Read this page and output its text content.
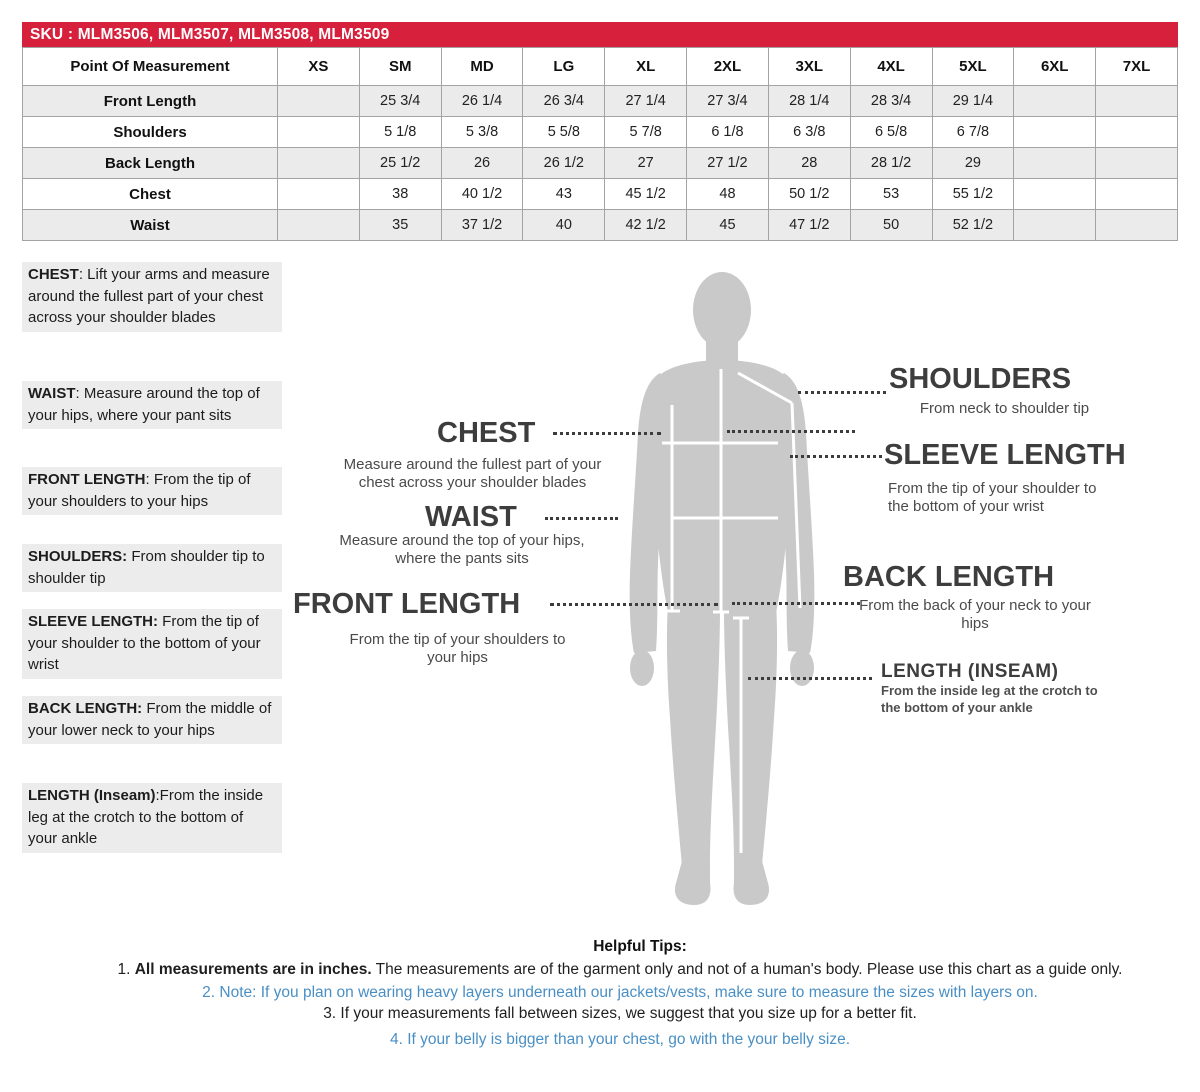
SKU : MLM3506, MLM3507, MLM3508, MLM3509
Point Of Measurement	XS	SM	MD	LG	XL	2XL	3XL	4XL	5XL	6XL	7XL
Front Length		25 3/4	26 1/4	26 3/4	27 1/4	27 3/4	28 1/4	28 3/4	29 1/4		
Shoulders		5 1/8	5 3/8	5 5/8	5 7/8	6 1/8	6 3/8	6 5/8	6 7/8		
Back Length		25 1/2	26	26 1/2	27	27 1/2	28	28 1/2	29		
Chest		38	40 1/2	43	45 1/2	48	50 1/2	53	55 1/2		
Waist		35	37 1/2	40	42 1/2	45	47 1/2	50	52 1/2		
CHEST: Lift your arms and measure around the fullest part of your chest across your shoulder blades
WAIST: Measure around the top of your hips, where your pant sits
FRONT LENGTH: From the tip of your shoulders to your hips
SHOULDERS: From shoulder tip to shoulder tip
SLEEVE LENGTH: From the tip of your shoulder to the bottom of your wrist
BACK LENGTH: From the middle of your lower neck to your hips
LENGTH (Inseam):From the inside leg at the crotch to the bottom of your ankle
CHEST
Measure around the fullest part of your chest across your shoulder blades
WAIST
Measure around the top of your hips, where the pants sits
FRONT LENGTH
From the tip of your shoulders to your hips
SHOULDERS
From neck to shoulder tip
SLEEVE LENGTH
From the tip of your shoulder to the bottom of your wrist
BACK LENGTH
From the back of your neck to your hips
LENGTH (INSEAM)
From the inside leg at the crotch to the bottom of your ankle
Helpful Tips:
1. All measurements are in inches. The measurements are of the garment only and not of a human's body. Please use this chart as a guide only.
2. Note: If you plan on wearing heavy layers underneath our jackets/vests, make sure to measure the sizes with layers on.
3. If your measurements fall between sizes, we suggest that you size up for a better fit.
4. If your belly is bigger than your chest, go with the your belly size.
